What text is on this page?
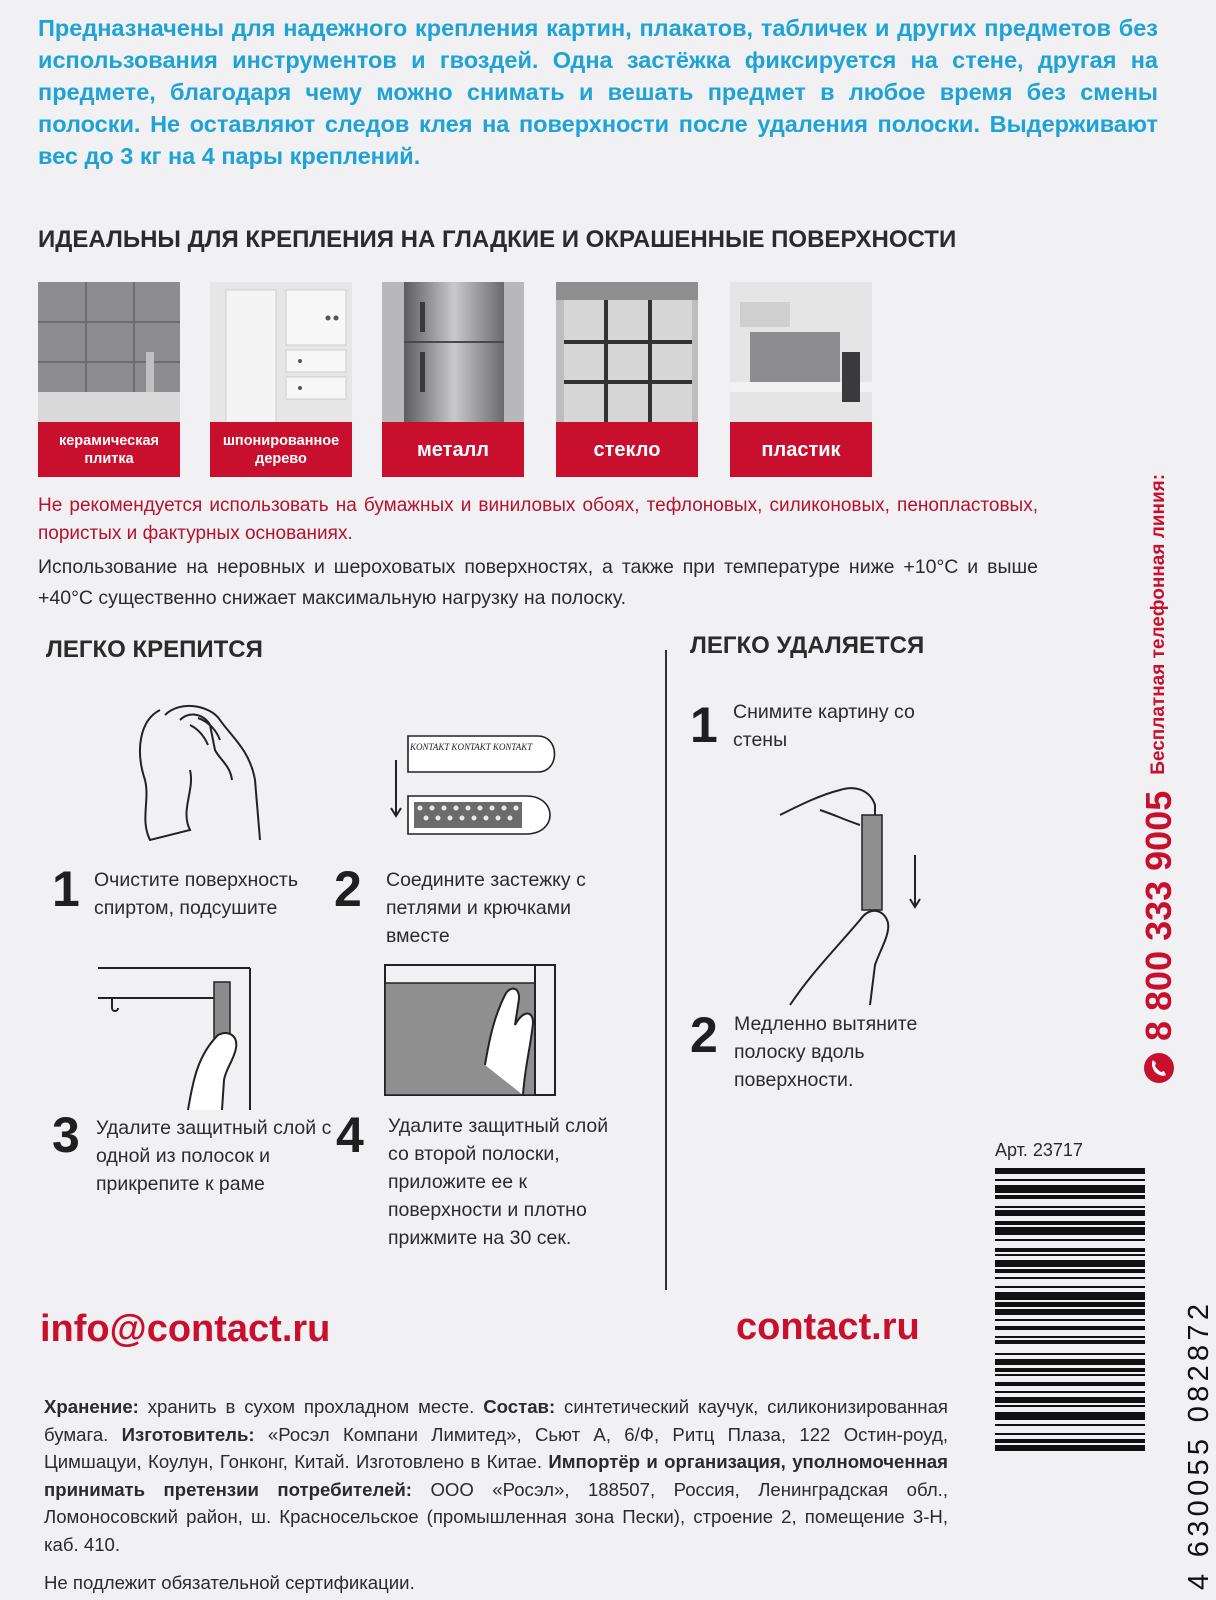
Предназначены для надежного крепления картин, плакатов, табличек и других предметов без использования инструментов и гвоздей. Одна застёжка фиксируется на стене, другая на предмете, благодаря чему можно снимать и вешать предмет в любое время без смены полоски. Не оставляют следов клея на поверхности после удаления полоски. Выдерживают вес до 3 кг на 4 пары креплений.

ИДЕАЛЬНЫ ДЛЯ КРЕПЛЕНИЯ НА ГЛАДКИЕ И ОКРАШЕННЫЕ ПОВЕРХНОСТИ
керамическая плитка
шпонированное дерево	металл	стекло	пластик

Не рекомендуется использовать на бумажных и виниловых обоях, тефлоновых, силиконовых, пенопластовых, пористых и фактурных основаниях.

Использование на неровных и шероховатых поверхностях, а также при температуре ниже +10°C и выше +40°C существенно снижает максимальную нагрузку на полоску.

ЛЕГКО КРЕПИТСЯ
KONTAKT KONTAKT KONTAKT
1 Очистите поверхность спиртом, подсушите	2 Соедините застежку с петлями и крючками вместе
3 Удалите защитный слой с одной из полосок и прикрепите к раме
4 Удалите защитный слой со второй полоски, приложите ее к поверхности и плотно прижмите на 30 сек.
ЛЕГКО УДАЛЯЕТСЯ
1 Снимите картину со стены
2 Медленно вытяните полоску вдоль поверхности.
8 800 333 9005
Бесплатная телефонная линия:
Арт. 23717
4 630055 082872
info@contact.ru	contact.ru

Хранение: хранить в сухом прохладном месте. Состав: синтетический каучук, силиконизированная бумага. Изготовитель: «Росэл Компани Лимитед», Сьют А, 6/Ф, Ритц Плаза, 122 Остин-роуд, Цимшацуи, Коулун, Гонконг, Китай. Изготовлено в Китае. Импортёр и организация, уполномоченная принимать претензии потребителей: ООО «Росэл», 188507, Россия, Ленинградская обл., Ломоносовский район, ш. Красносельское (промышленная зона Пески), строение 2, помещение 3-Н, каб. 410.

Не подлежит обязательной сертификации.
